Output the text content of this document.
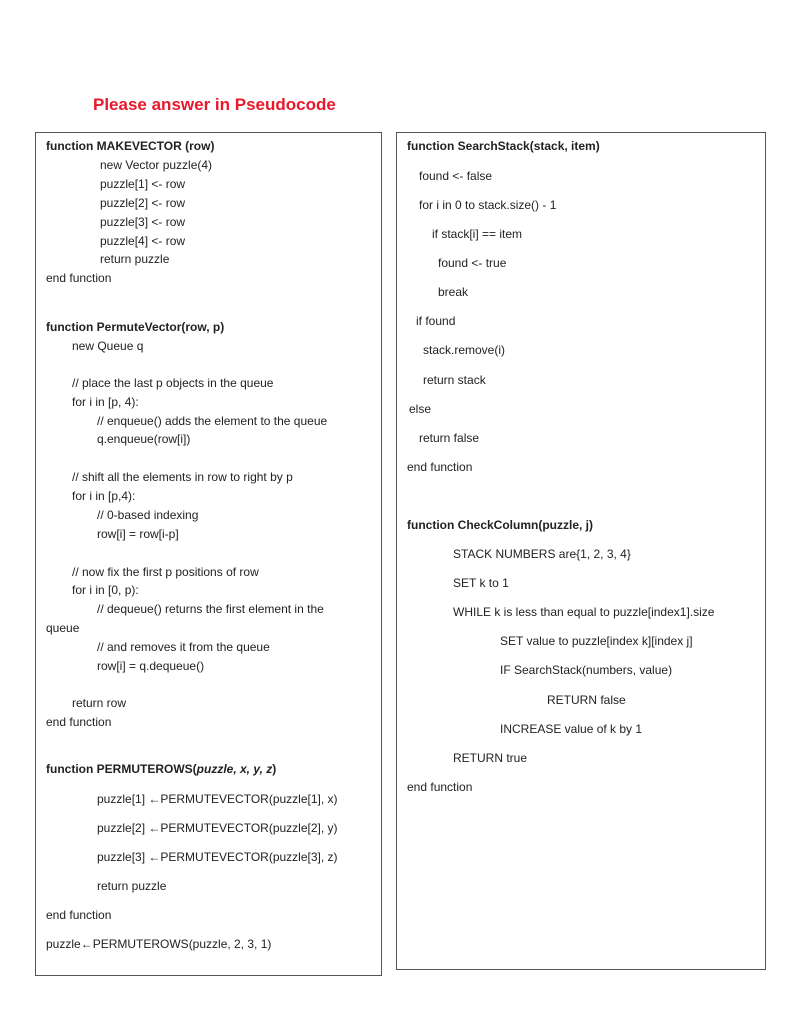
Please answer in Pseudocode
function MAKEVECTOR (row)
new Vector puzzle(4)
puzzle[1] <- row
puzzle[2] <- row
puzzle[3] <- row
puzzle[4] <- row
return puzzle
end function
function PermuteVector(row, p)
new Queue q
// place the last p objects in the queue
for i in [p, 4):
// enqueue() adds the element to the queue
q.enqueue(row[i])
// shift all the elements in row to right by p
for i in [p,4):
// 0-based indexing
row[i] = row[i-p]
// now fix the first p positions of row
for i in [0, p):
// dequeue() returns the first element in the
queue
// and removes it from the queue
row[i] = q.dequeue()
return row
end function
function PERMUTEROWS(puzzle, x, y, z)
puzzle[1] ←PERMUTEVECTOR(puzzle[1], x)
puzzle[2] ←PERMUTEVECTOR(puzzle[2], y)
puzzle[3] ←PERMUTEVECTOR(puzzle[3], z)
return puzzle
end function
puzzle←PERMUTEROWS(puzzle, 2, 3, 1)
function SearchStack(stack, item)
found <- false
for i in 0 to stack.size() - 1
if stack[i] == item
found <- true
break
if found
stack.remove(i)
return stack
else
return false
end function
function CheckColumn(puzzle, j)
STACK NUMBERS are{1, 2, 3, 4}
SET k to 1
WHILE k is less than equal to puzzle[index1].size
SET value to puzzle[index k][index j]
IF SearchStack(numbers, value)
RETURN false
INCREASE value of k by 1
RETURN true
end function
